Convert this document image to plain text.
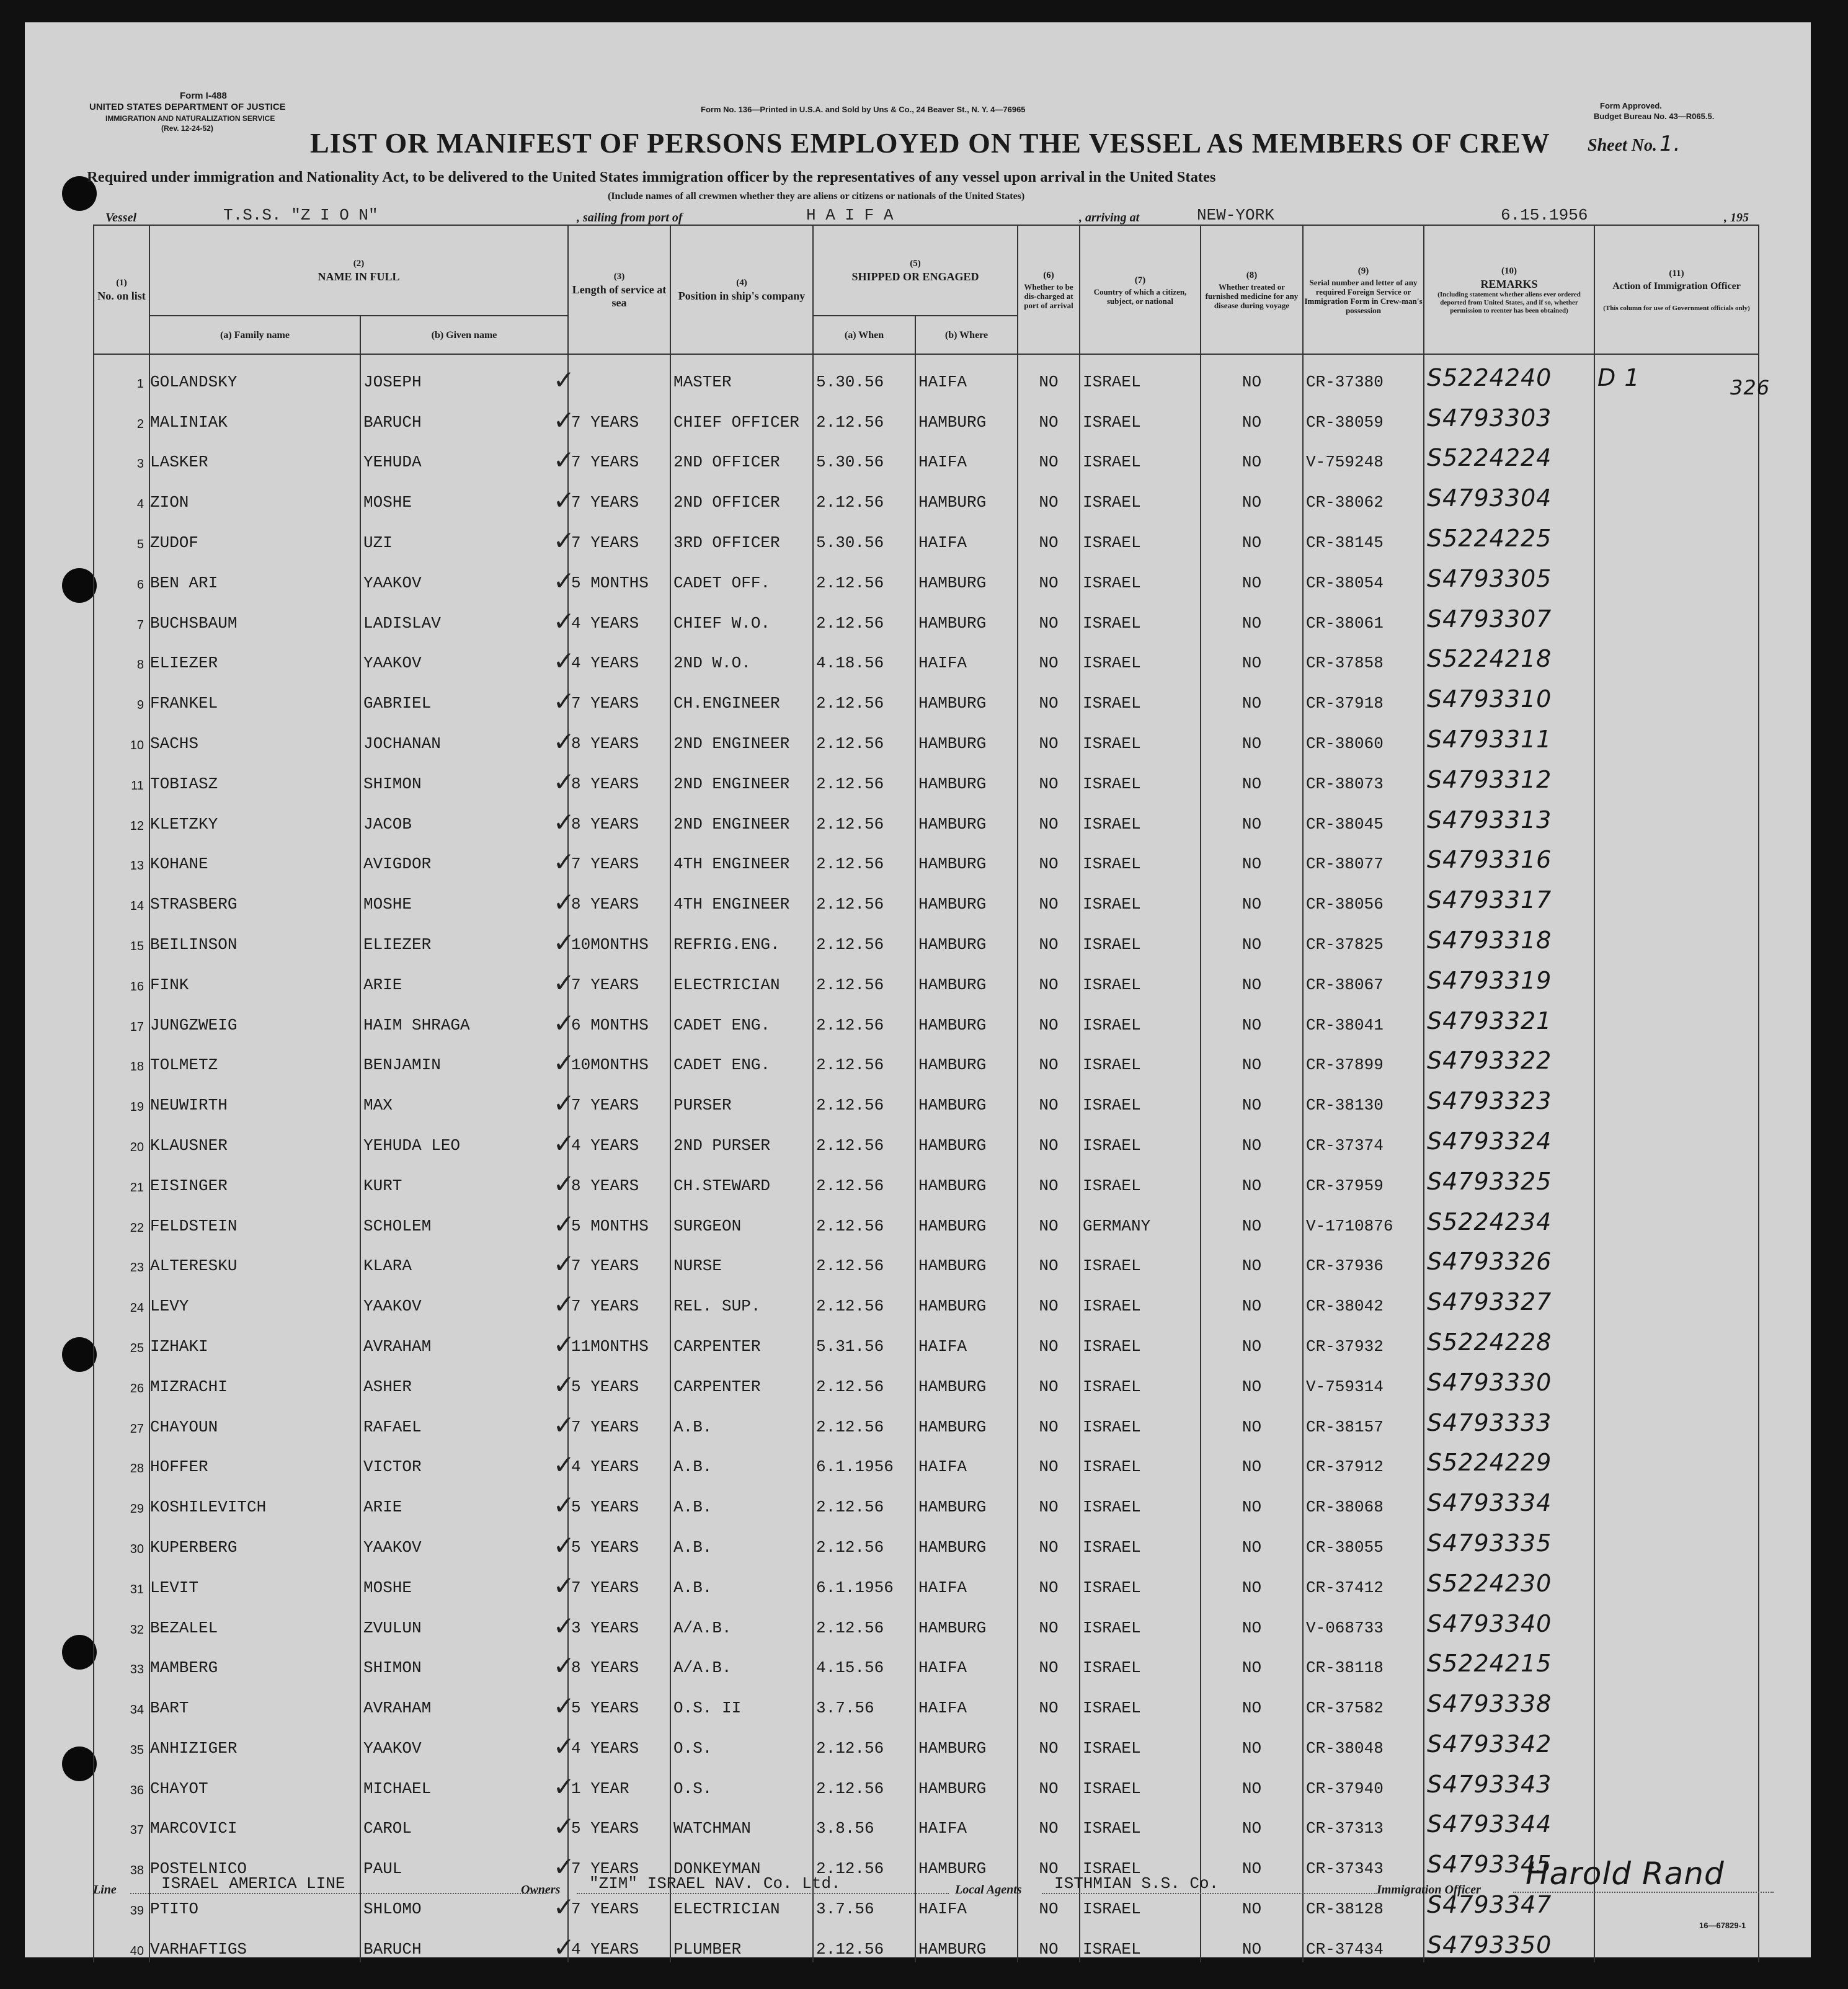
Form I-488
UNITED STATES DEPARTMENT OF JUSTICE
IMMIGRATION AND NATURALIZATION SERVICE
(Rev. 12-24-52)
Form No. 136—Printed in U.S.A. and Sold by Uns & Co., 24 Beaver St., N. Y. 4—76965	Form Approved.
Budget Bureau No. 43—R065.5.
LIST OR MANIFEST OF PERSONS EMPLOYED ON THE VESSEL AS MEMBERS OF CREW Sheet No. 1.
Required under immigration and Nationality Act, to be delivered to the United States immigration officer by the representatives of any vessel upon arrival in the United States
(Include names of all crewmen whether they are aliens or citizens or nationals of the United States)
Vessel	T.S.S. "Z I O N"	, sailing from port of	H A I F A	, arriving at	NEW-YORK	6.15.1956	, 195
(1)
No. on list	(2)
NAME IN FULL		(3)
Length of service at sea	(4)
Position in ship's company	(5)
SHIPPED OR ENGAGED		(6)
Whether to be dis-charged at port of arrival	(7)
Country of which a citizen, subject, or national	(8)
Whether treated or furnished medicine for any disease during voyage	(9)
Serial number and letter of any required Foreign Service or Immigration Form in Crew-man's possession	(10)
REMARKS
(Including statement whether aliens ever ordered deported from United States, and if so, whether permission to reenter has been obtained)	(11)
Action of Immigration Officer
(This column for use of Government officials only)

	(a) Family name	(b) Given name			(a) When	(b) Where						
1	GOLANDSKY	JOSEPH ✓		MASTER	5.30.56	HAIFA	NO	ISRAEL	NO	CR-37380	S5224240	D 1
2	MALINIAK	BARUCH ✓	7 YEARS	CHIEF OFFICER	2.12.56	HAMBURG	NO	ISRAEL	NO	CR-38059	S4793303	
3	LASKER	YEHUDA ✓	7 YEARS	2ND OFFICER	5.30.56	HAIFA	NO	ISRAEL	NO	V-759248	S5224224	
4	ZION	MOSHE ✓	7 YEARS	2ND OFFICER	2.12.56	HAMBURG	NO	ISRAEL	NO	CR-38062	S4793304	
5	ZUDOF	UZI ✓	7 YEARS	3RD OFFICER	5.30.56	HAIFA	NO	ISRAEL	NO	CR-38145	S5224225	
6	BEN ARI	YAAKOV ✓	5 MONTHS	CADET OFF.	2.12.56	HAMBURG	NO	ISRAEL	NO	CR-38054	S4793305	
7	BUCHSBAUM	LADISLAV ✓	4 YEARS	CHIEF W.O.	2.12.56	HAMBURG	NO	ISRAEL	NO	CR-38061	S4793307	
8	ELIEZER	YAAKOV ✓	4 YEARS	2ND W.O.	4.18.56	HAIFA	NO	ISRAEL	NO	CR-37858	S5224218	
9	FRANKEL	GABRIEL ✓	7 YEARS	CH.ENGINEER	2.12.56	HAMBURG	NO	ISRAEL	NO	CR-37918	S4793310	
10	SACHS	JOCHANAN ✓	8 YEARS	2ND ENGINEER	2.12.56	HAMBURG	NO	ISRAEL	NO	CR-38060	S4793311	
11	TOBIASZ	SHIMON ✓	8 YEARS	2ND ENGINEER	2.12.56	HAMBURG	NO	ISRAEL	NO	CR-38073	S4793312	
12	KLETZKY	JACOB ✓	8 YEARS	2ND ENGINEER	2.12.56	HAMBURG	NO	ISRAEL	NO	CR-38045	S4793313	
13	KOHANE	AVIGDOR ✓	7 YEARS	4TH ENGINEER	2.12.56	HAMBURG	NO	ISRAEL	NO	CR-38077	S4793316	
14	STRASBERG	MOSHE ✓	8 YEARS	4TH ENGINEER	2.12.56	HAMBURG	NO	ISRAEL	NO	CR-38056	S4793317	
15	BEILINSON	ELIEZER ✓	10MONTHS	REFRIG.ENG.	2.12.56	HAMBURG	NO	ISRAEL	NO	CR-37825	S4793318	
16	FINK	ARIE ✓	7 YEARS	ELECTRICIAN	2.12.56	HAMBURG	NO	ISRAEL	NO	CR-38067	S4793319	
17	JUNGZWEIG	HAIM SHRAGA ✓	6 MONTHS	CADET ENG.	2.12.56	HAMBURG	NO	ISRAEL	NO	CR-38041	S4793321	
18	TOLMETZ	BENJAMIN ✓	10MONTHS	CADET ENG.	2.12.56	HAMBURG	NO	ISRAEL	NO	CR-37899	S4793322	
19	NEUWIRTH	MAX ✓	7 YEARS	PURSER	2.12.56	HAMBURG	NO	ISRAEL	NO	CR-38130	S4793323	
20	KLAUSNER	YEHUDA LEO ✓	4 YEARS	2ND PURSER	2.12.56	HAMBURG	NO	ISRAEL	NO	CR-37374	S4793324	
21	EISINGER	KURT ✓	8 YEARS	CH.STEWARD	2.12.56	HAMBURG	NO	ISRAEL	NO	CR-37959	S4793325	
22	FELDSTEIN	SCHOLEM ✓	5 MONTHS	SURGEON	2.12.56	HAMBURG	NO	GERMANY	NO	V-1710876	S5224234	
23	ALTERESKU	KLARA ✓	7 YEARS	NURSE	2.12.56	HAMBURG	NO	ISRAEL	NO	CR-37936	S4793326	
24	LEVY	YAAKOV ✓	7 YEARS	REL. SUP.	2.12.56	HAMBURG	NO	ISRAEL	NO	CR-38042	S4793327	
25	IZHAKI	AVRAHAM ✓	11MONTHS	CARPENTER	5.31.56	HAIFA	NO	ISRAEL	NO	CR-37932	S5224228	
26	MIZRACHI	ASHER ✓	5 YEARS	CARPENTER	2.12.56	HAMBURG	NO	ISRAEL	NO	V-759314	S4793330	
27	CHAYOUN	RAFAEL ✓	7 YEARS	A.B.	2.12.56	HAMBURG	NO	ISRAEL	NO	CR-38157	S4793333	
28	HOFFER	VICTOR ✓	4 YEARS	A.B.	6.1.1956	HAIFA	NO	ISRAEL	NO	CR-37912	S5224229	
29	KOSHILEVITCH	ARIE ✓	5 YEARS	A.B.	2.12.56	HAMBURG	NO	ISRAEL	NO	CR-38068	S4793334	
30	KUPERBERG	YAAKOV ✓	5 YEARS	A.B.	2.12.56	HAMBURG	NO	ISRAEL	NO	CR-38055	S4793335	
31	LEVIT	MOSHE ✓	7 YEARS	A.B.	6.1.1956	HAIFA	NO	ISRAEL	NO	CR-37412	S5224230	
32	BEZALEL	ZVULUN ✓	3 YEARS	A/A.B.	2.12.56	HAMBURG	NO	ISRAEL	NO	V-068733	S4793340	
33	MAMBERG	SHIMON ✓	8 YEARS	A/A.B.	4.15.56	HAIFA	NO	ISRAEL	NO	CR-38118	S5224215	
34	BART	AVRAHAM ✓	5 YEARS	O.S. II	3.7.56	HAIFA	NO	ISRAEL	NO	CR-37582	S4793338	
35	ANHIZIGER	YAAKOV ✓	4 YEARS	O.S.	2.12.56	HAMBURG	NO	ISRAEL	NO	CR-38048	S4793342	
36	CHAYOT	MICHAEL ✓	1 YEAR	O.S.	2.12.56	HAMBURG	NO	ISRAEL	NO	CR-37940	S4793343	
37	MARCOVICI	CAROL ✓	5 YEARS	WATCHMAN	3.8.56	HAIFA	NO	ISRAEL	NO	CR-37313	S4793344	
38	POSTELNICO	PAUL ✓	7 YEARS	DONKEYMAN	2.12.56	HAMBURG	NO	ISRAEL	NO	CR-37343	S4793345	
39	PTITO	SHLOMO ✓	7 YEARS	ELECTRICIAN	3.7.56	HAIFA	NO	ISRAEL	NO	CR-38128	S4793347	
40	VARHAFTIGS	BARUCH ✓	4 YEARS	PLUMBER	2.12.56	HAMBURG	NO	ISRAEL	NO	CR-37434	S4793350	
326
Line	ISRAEL AMERICA LINE	Owners	"ZIM" ISRAEL NAV. Co. Ltd.	Local Agents	ISTHMIAN S.S. Co.	Immigration Officer	Harold Rand
16—67829-1
